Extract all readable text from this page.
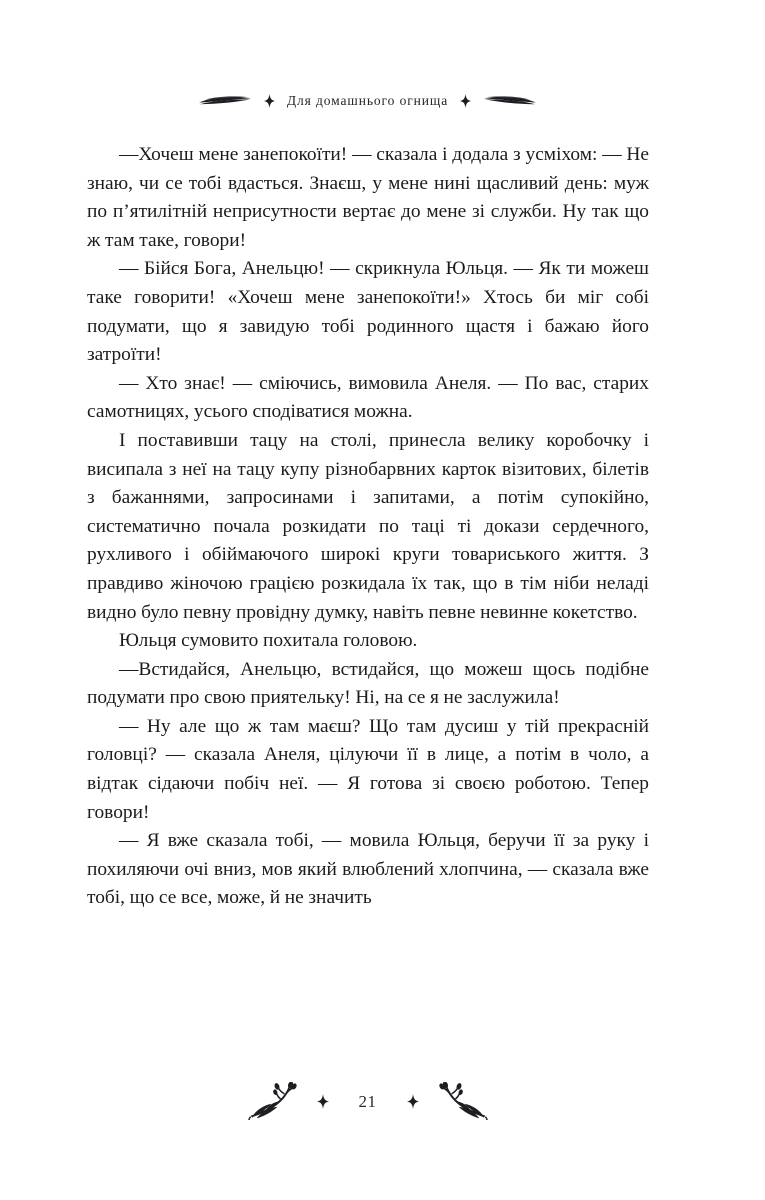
Для домашнього огнища

—Хочеш мене занепокоїти! — сказала і додала з усміхом: — Не знаю, чи се тобі вдасться. Знаєш, у мене нині щасливий день: муж по п’ятилітній неприсутности вертає до мене зі служби. Ну так що ж там таке, говори!

— Бійся Бога, Анельцю! — скрикнула Юльця. — Як ти можеш таке говорити! «Хочеш мене занепокоїти!» Хтось би міг собі подумати, що я завидую тобі родинного щастя і бажаю його затроїти!

— Хто знає! — сміючись, вимовила Анеля. — По вас, старих самотницях, усього сподіватися можна.

І поставивши тацу на столі, принесла велику коробочку і висипала з неї на тацу купу різнобарвних карток візитових, білетів з бажаннями, запросинами і запитами, а потім супокійно, систематично почала розкидати по таці ті докази сердечного, рухливого і обіймаючого широкі круги товариського життя. З правдиво жіночою грацією розкидала їх так, що в тім ніби неладі видно було певну провідну думку, навіть певне невинне кокетство.

Юльця сумовито похитала головою.

—Встидайся, Анельцю, встидайся, що можеш щось подібне подумати про свою приятельку! Ні, на се я не заслужила!

— Ну але що ж там маєш? Що там дусиш у тій прекрасній головці? — сказала Анеля, цілуючи її в лице, а потім в чоло, а відтак сідаючи побіч неї. — Я готова зі своєю роботою. Тепер говори!

— Я вже сказала тобі, — мовила Юльця, беручи її за руку і похиляючи очі вниз, мов який влюблений хлопчина, — сказала вже тобі, що се все, може, й не значить

21
